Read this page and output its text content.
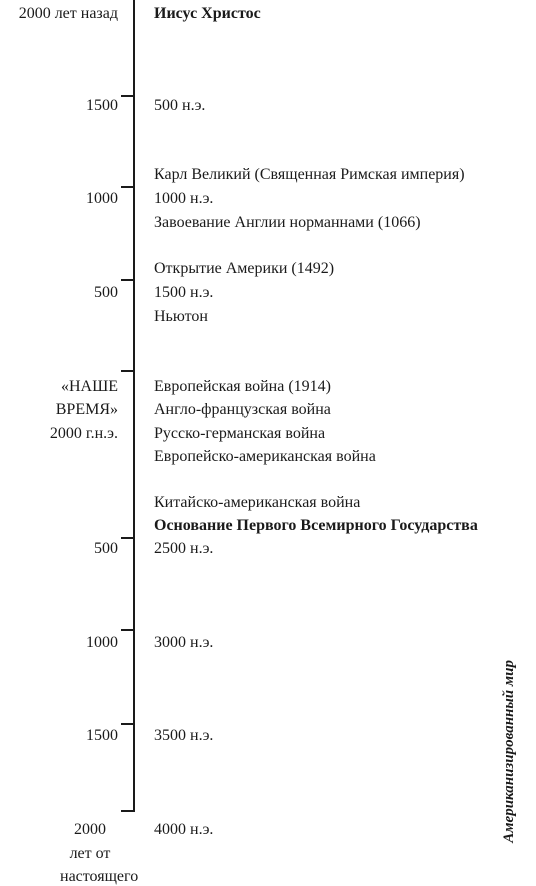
2000 лет назад
1500
1000
500
«НАШЕ
ВРЕМЯ»
2000 г.н.э.
500
1000
1500
2000
лет от
настоящего
Иисус Христос
500 н.э.
Карл Великий (Священная Римская империя)
1000 н.э.
Завоевание Англии норманнами (1066)
Открытие Америки (1492)
1500 н.э.
Ньютон
Европейская война (1914)
Англо-французская война
Русско-германская война
Европейско-американская война
Китайско-американская война
Основание Первого Всемирного Государства
2500 н.э.
3000 н.э.
3500 н.э.
4000 н.э.	Американизированный мир
